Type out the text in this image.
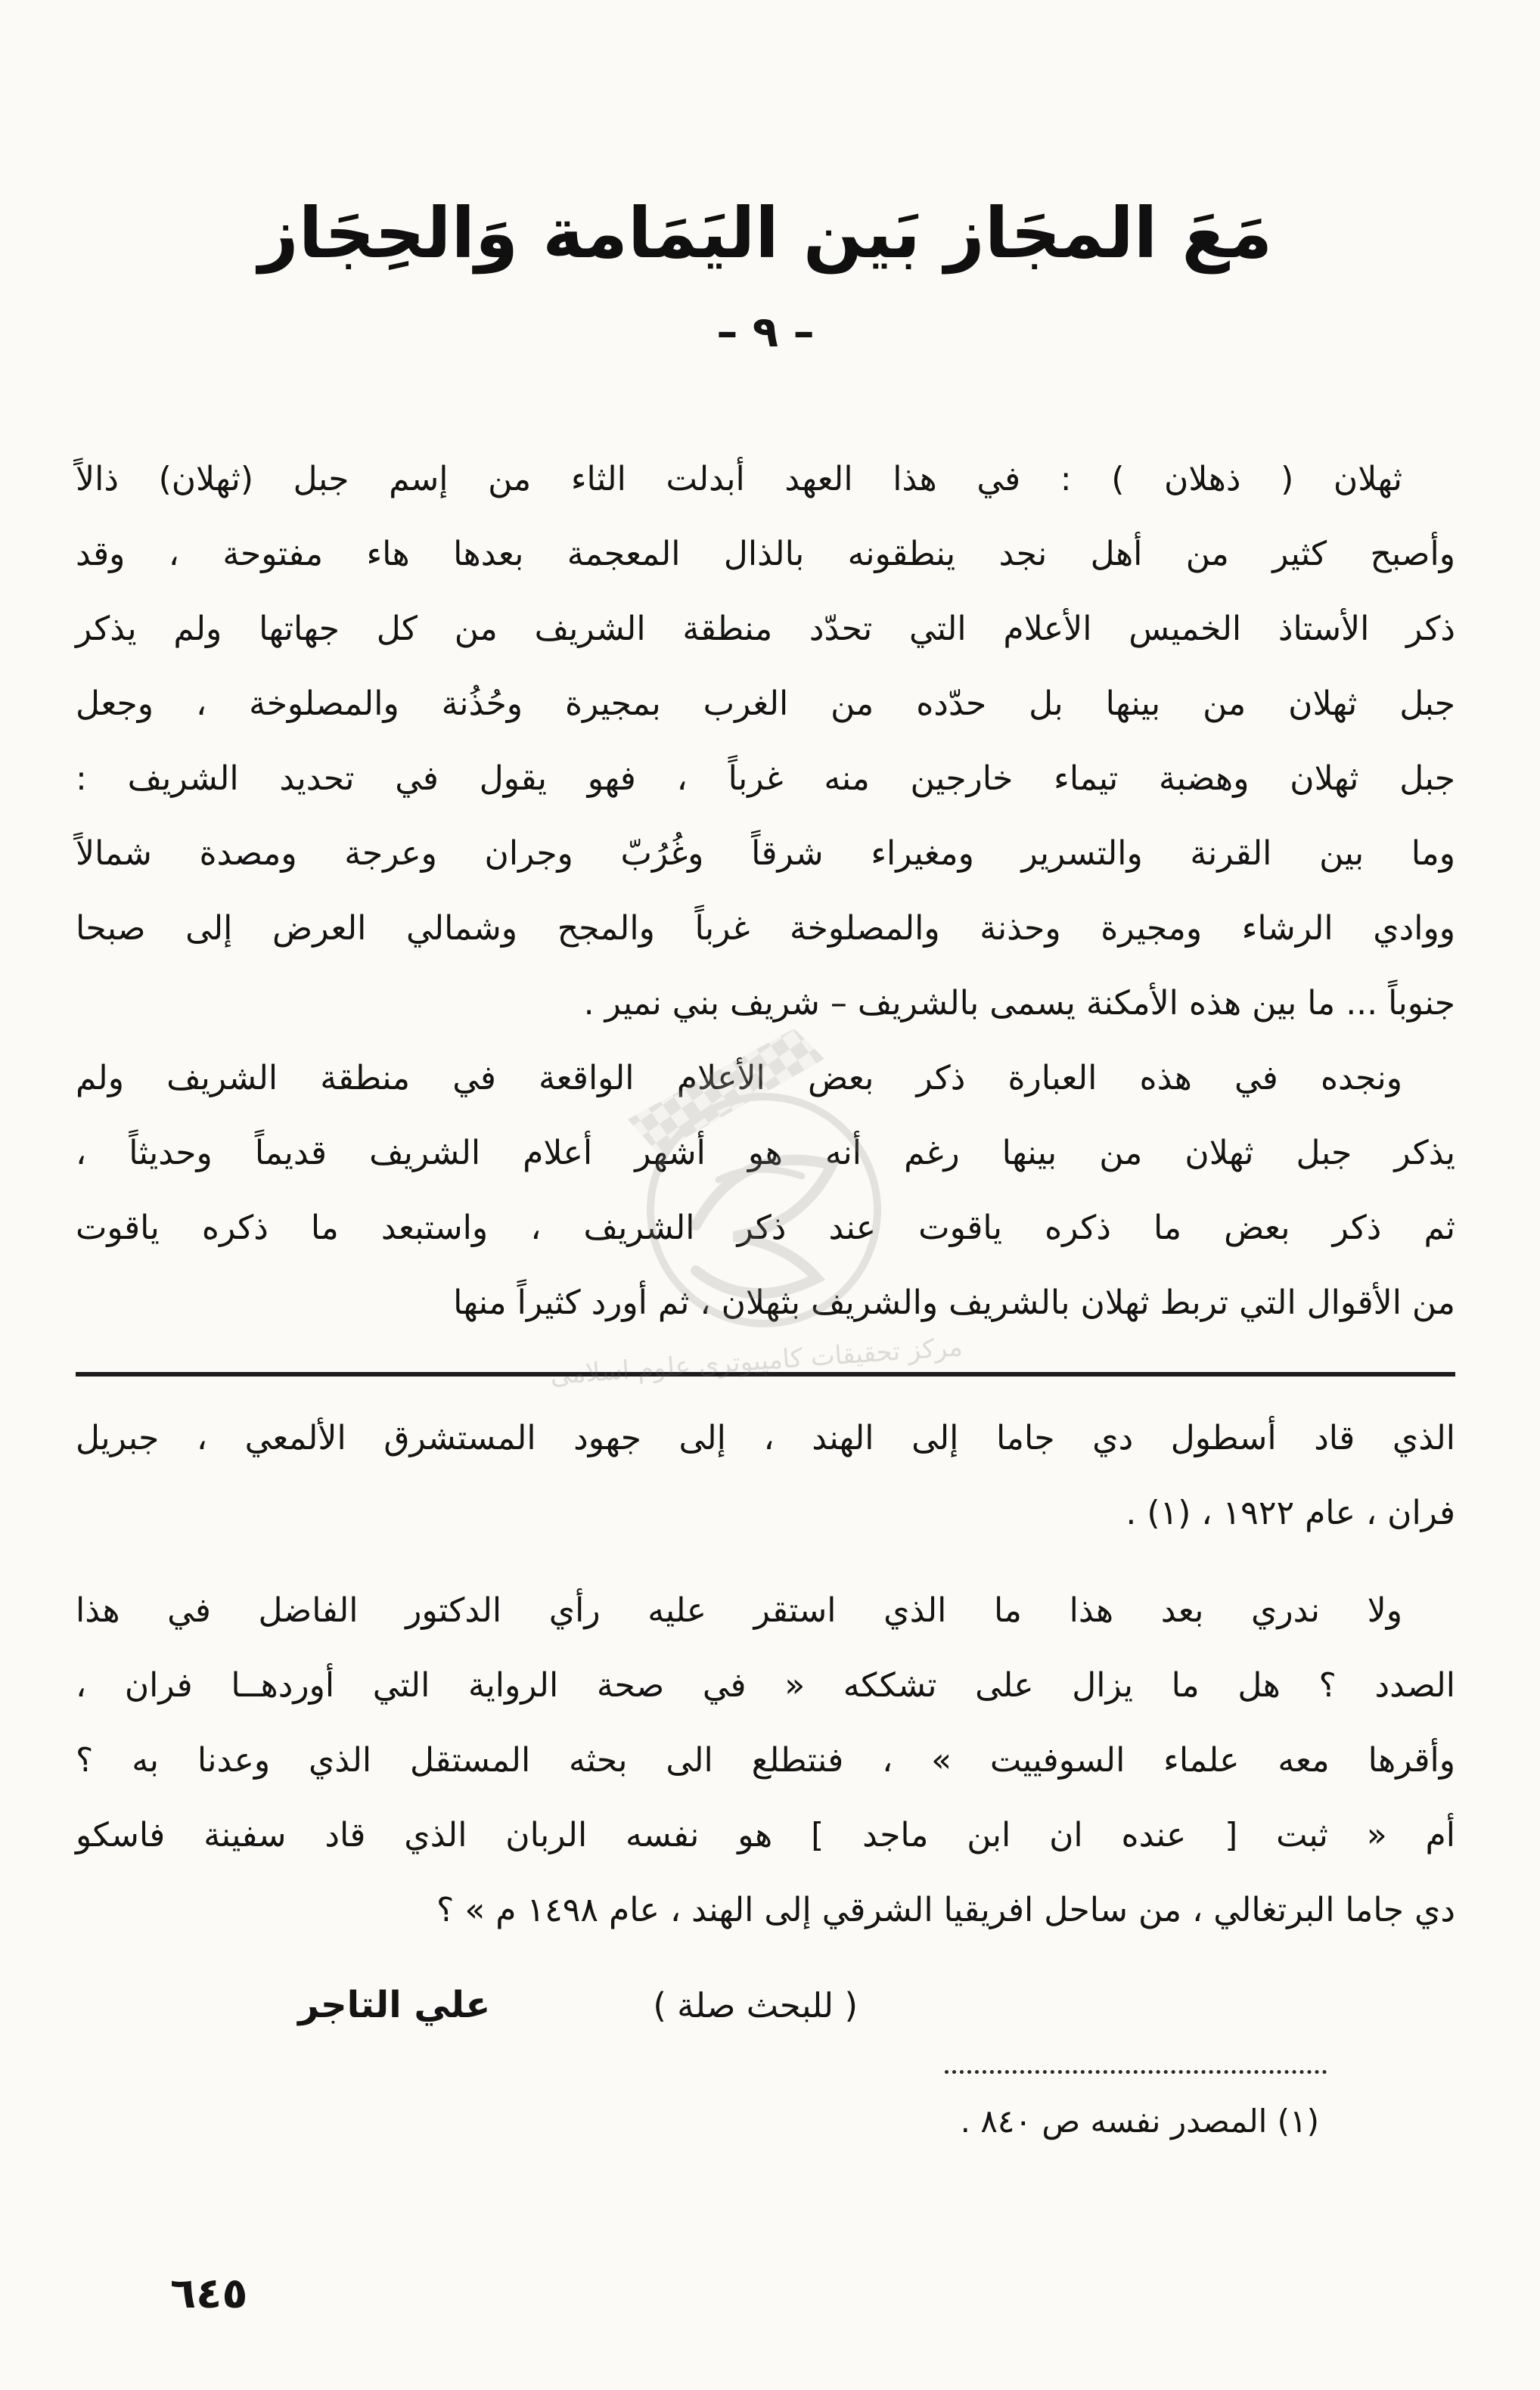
مَعَ المجَاز بَين اليَمَامة وَالحِجَاز
– ٩ –
ثهلان ( ذهلان ) : في هذا العهد أبدلت الثاء من إسم جبل (ثهلان) ذالاً
وأصبح كثير من أهل نجد ينطقونه بالذال المعجمة بعدها هاء مفتوحة ، وقد
ذكر الأستاذ الخميس الأعلام التي تحدّد منطقة الشريف من كل جهاتها ولم يذكر
جبل ثهلان من بينها بل حدّده من الغرب بمجيرة وحُذُنة والمصلوخة ، وجعل
جبل ثهلان وهضبة تيماء خارجين منه غرباً ، فهو يقول في تحديد الشريف :
وما بين القرنة والتسرير ومغيراء شرقاً وغُرُبّ وجران وعرجة ومصدة شمالاً
ووادي الرشاء ومجيرة وحذنة والمصلوخة غرباً والمجح وشمالي العرض إلى صبحا
جنوباً ... ما بين هذه الأمكنة يسمى بالشريف – شريف بني نمير .
ونجده في هذه العبارة ذكر بعض الأعلام الواقعة في منطقة الشريف ولم
يذكر جبل ثهلان من بينها رغم أنه هو أشهر أعلام الشريف قديماً وحديثاً ،
ثم ذكر بعض ما ذكره ياقوت عند ذكر الشريف ، واستبعد ما ذكره ياقوت
من الأقوال التي تربط ثهلان بالشريف والشريف بثهلان ، ثم أورد كثيراً منها
الذي قاد أسطول دي جاما إلى الهند ، إلى جهود المستشرق الألمعي ، جبريل
فران ، عام ١٩٢٢ ، (١) .
ولا ندري بعد هذا ما الذي استقر عليه رأي الدكتور الفاضل في هذا
الصدد ؟ هل ما يزال على تشككه « في صحة الرواية التي أوردهــا فران ،
وأقرها معه علماء السوفييت » ، فنتطلع الى بحثه المستقل الذي وعدنا به ؟
أم « ثبت [ عنده ان ابن ماجد ] هو نفسه الربان الذي قاد سفينة فاسكو
دي جاما البرتغالي ، من ساحل افريقيا الشرقي إلى الهند ، عام ١٤٩٨ م » ؟
( للبحث صلة )
علي التاجر
(١) المصدر نفسه ص ٨٤٠ .
مركز تحقيقات كامپيوترى علوم اسلامى
٦٤٥
